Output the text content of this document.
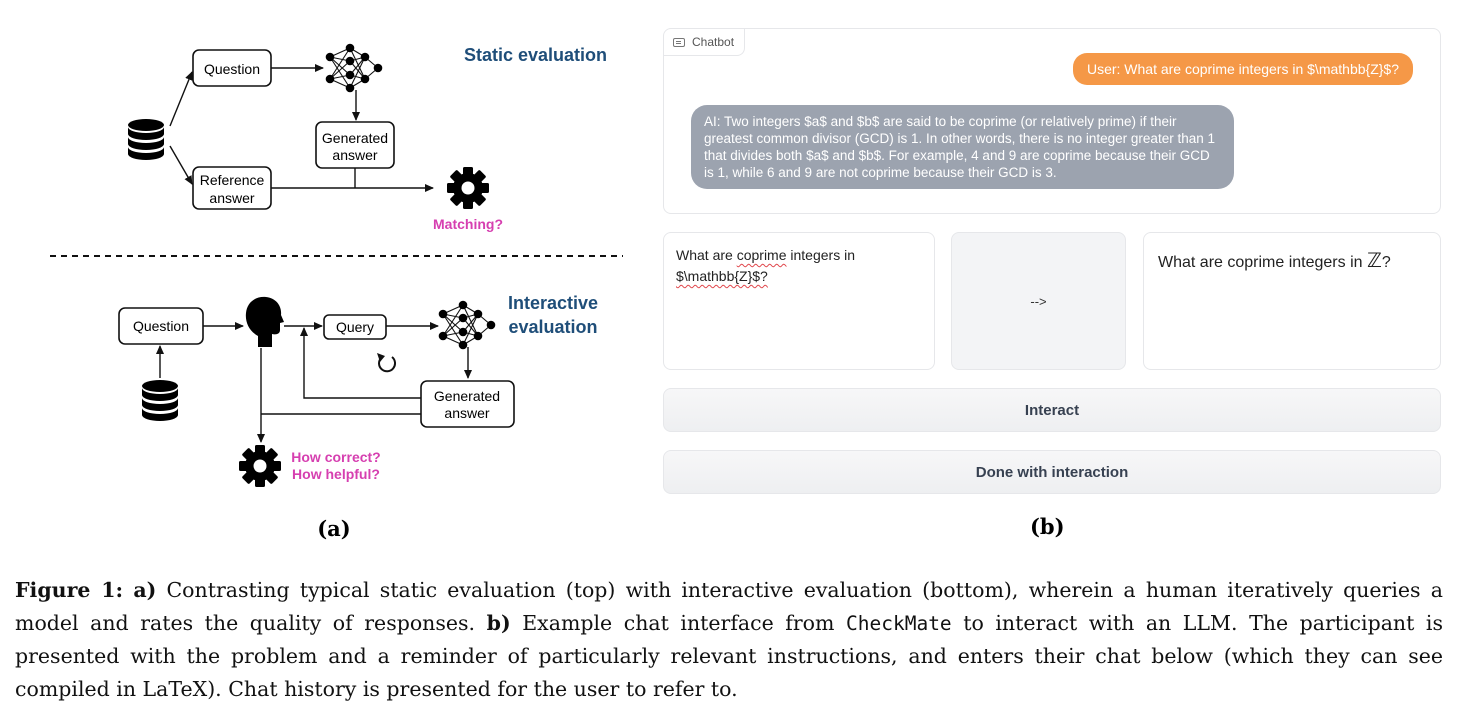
Static evaluation
Question
Generated
answer
Reference
answer
Matching?
Interactive
evaluation
Question	Query
Generated
answer
How correct?
How helpful?
(a)
Chatbot
User: What are coprime integers in $\mathbb{Z}$?
AI: Two integers $a$ and $b$ are said to be coprime (or relatively prime) if their greatest common divisor (GCD) is 1. In other words, there is no integer greater than 1 that divides both $a$ and $b$. For example, 4 and 9 are coprime because their GCD is 1, while 6 and 9 are not coprime because their GCD is 3.
What are coprime integers in
$\mathbb{Z}$?
-->
What are coprime integers in ℤ?
Interact
Done with interaction
(b)
Figure 1: a) Contrasting typical static evaluation (top) with interactive evaluation (bottom), wherein a human iteratively queries a model and rates the quality of responses. b) Example chat interface from CheckMate to interact with an LLM. The participant is presented with the problem and a reminder of particularly relevant instructions, and enters their chat below (which they can see compiled in LaTeX). Chat history is presented for the user to refer to.
